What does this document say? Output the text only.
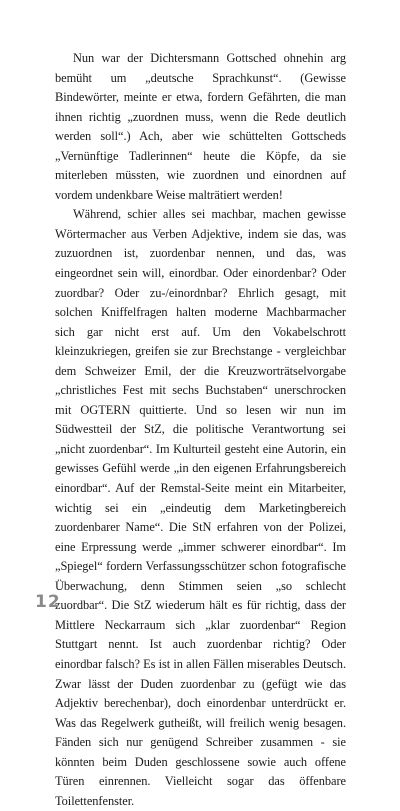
Nun war der Dichtersmann Gottsched ohnehin arg bemüht um „deutsche Sprachkunst“. (Gewisse Bindewörter, meinte er etwa, fordern Gefährten, die man ihnen richtig „zuordnen muss, wenn die Rede deutlich werden soll“.) Ach, aber wie schüttelten Gottscheds „Vernünftige Tadlerinnen“ heute die Köpfe, da sie miterleben müssten, wie zuordnen und einordnen auf vordem undenkbare Weise malträtiert werden!

Während, schier alles sei machbar, machen gewisse Wörtermacher aus Verben Adjektive, indem sie das, was zuzuordnen ist, zuordenbar nennen, und das, was eingeordnet sein will, einordbar. Oder einordenbar? Oder zuordbar? Oder zu-/einordnbar? Ehrlich gesagt, mit solchen Kniffelfragen halten moderne Machbarmacher sich gar nicht erst auf. Um den Vokabelschrott kleinzukriegen, greifen sie zur Brechstange - vergleichbar dem Schweizer Emil, der die Kreuzworträtselvorgabe „christliches Fest mit sechs Buchstaben“ unerschrocken mit OGTERN quittierte. Und so lesen wir nun im Südwestteil der StZ, die politische Verantwortung sei „nicht zuordenbar“. Im Kulturteil gesteht eine Autorin, ein gewisses Gefühl werde „in den eigenen Erfahrungsbereich einordbar“. Auf der Remstal-Seite meint ein Mitarbeiter, wichtig sei ein „eindeutig dem Marketingbereich zuordenbarer Name“. Die StN erfahren von der Polizei, eine Erpressung werde „immer schwerer einordbar“. Im „Spiegel“ fordern Verfassungsschützer schon fotografische Überwachung, denn Stimmen seien „so schlecht zuordbar“. Die StZ wiederum hält es für richtig, dass der Mittlere Neckarraum sich „klar zuordenbar“ Region Stuttgart nennt. Ist auch zuordenbar richtig? Oder einordbar falsch? Es ist in allen Fällen miserables Deutsch. Zwar lässt der Duden zuordenbar zu (gefügt wie das Adjektiv berechenbar), doch einordenbar unterdrückt er. Was das Regelwerk gutheißt, will freilich wenig besagen. Fänden sich nur genügend Schreiber zusammen - sie könnten beim Duden geschlossene sowie auch offene Türen einrennen. Vielleicht sogar das öffenbare Toilettenfenster.

12
